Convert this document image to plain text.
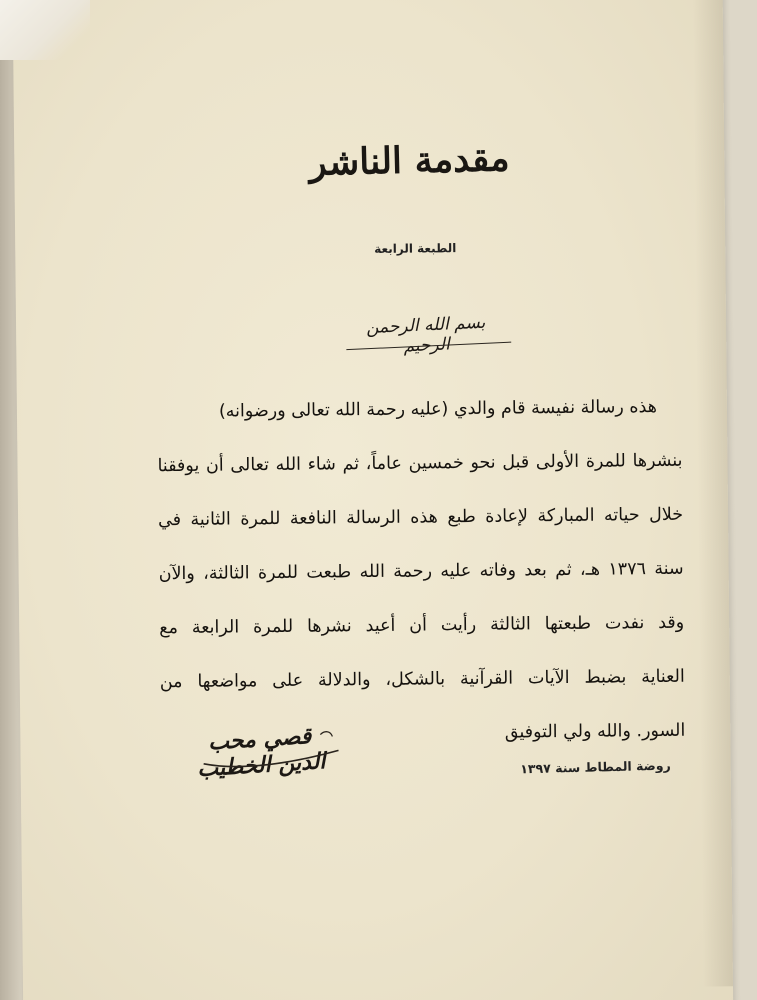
​
​
​
​
​
​
​
​
مقدمة الناشر
الطبعة الرابعة
بسم الله الرحمن الرحيم
هذه رسالة نفيسة قام والدي (عليه رحمة الله تعالى ورضوانه)
بنشرها للمرة الأولى قبل نحو خمسين عاماً، ثم شاء الله تعالى أن يوفقنا
خلال حياته المباركة لإعادة طبع هذه الرسالة النافعة للمرة الثانية في
سنة ١٣٧٦ هـ، ثم بعد وفاته عليه رحمة الله طبعت للمرة الثالثة، والآن
وقد نفدت طبعتها الثالثة رأيت أن أعيد نشرها للمرة الرابعة مع
العناية بضبط الآيات القرآنية بالشكل، والدلالة على مواضعها من
السور. والله ولي التوفيق
قصي محب الدين الخطيب	روضة المطاط سنة ١٣٩٧
